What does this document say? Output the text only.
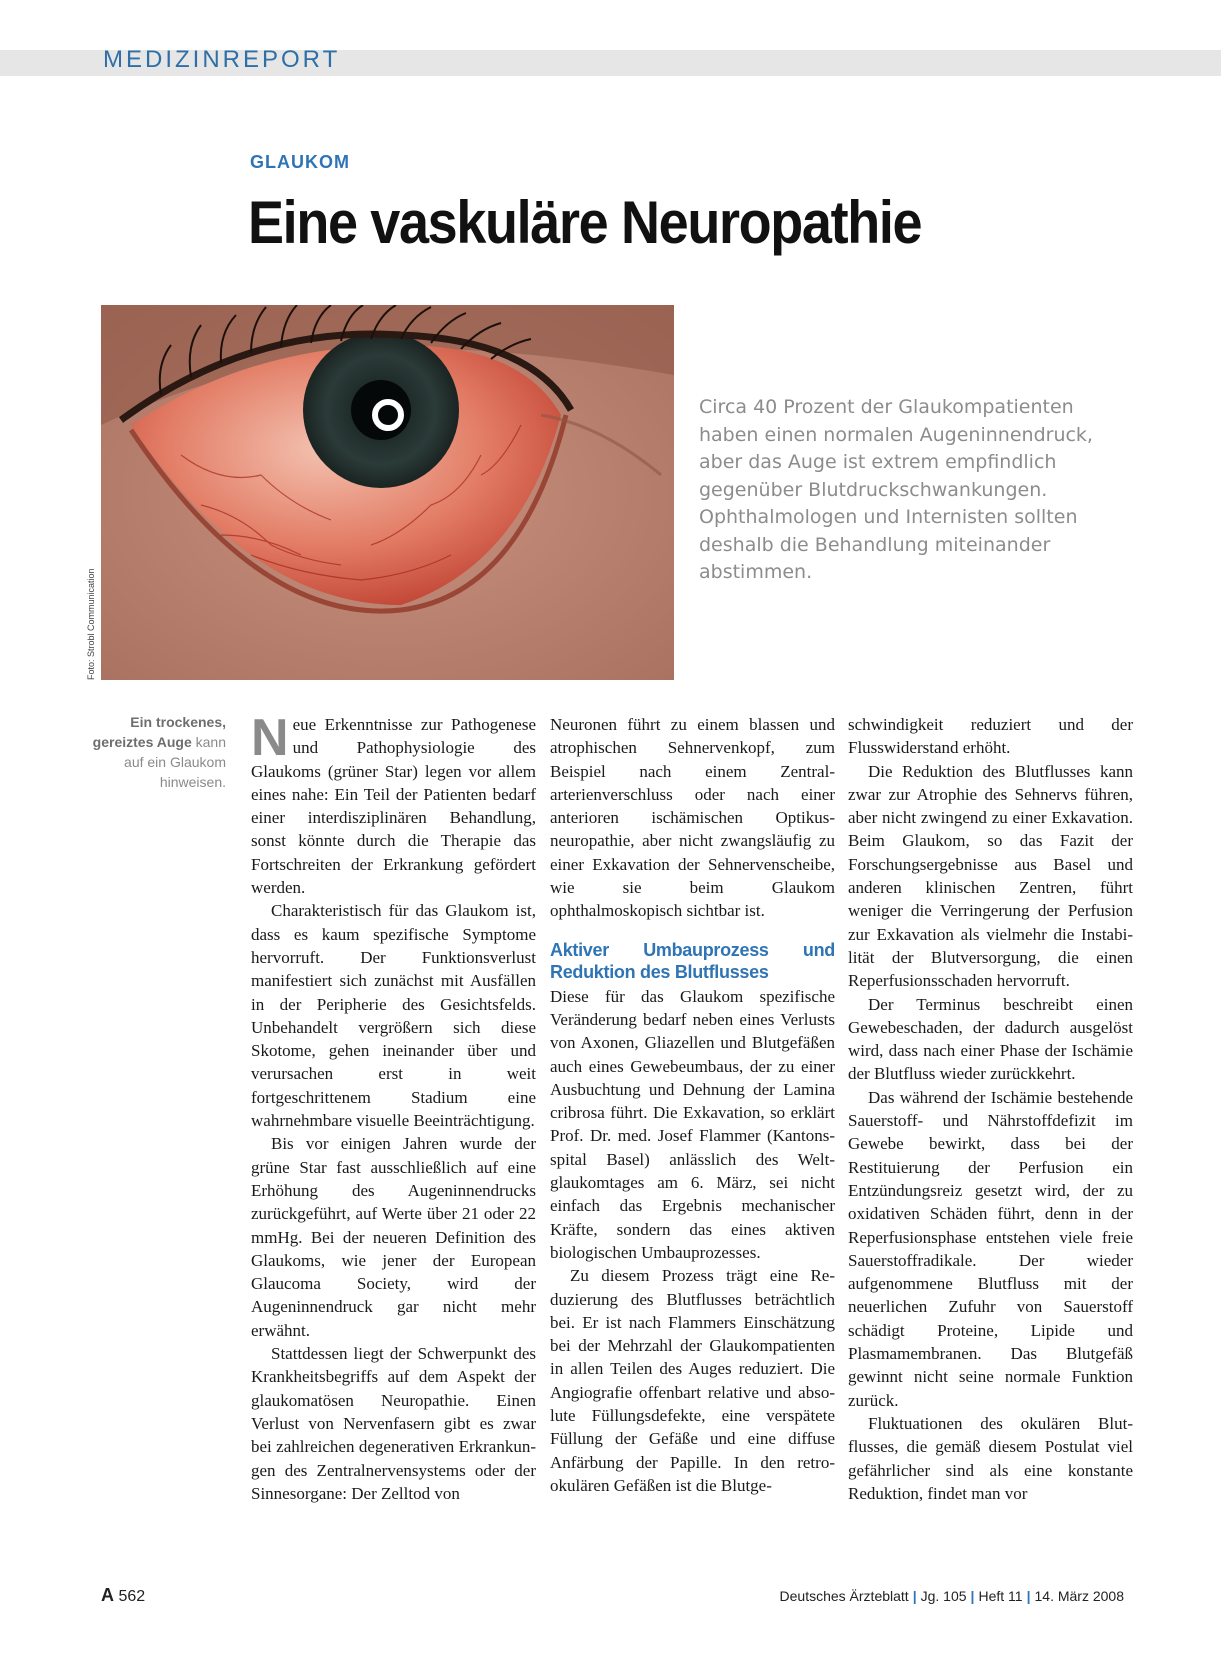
MEDIZINREPORT
GLAUKOM
Eine vaskuläre Neuropathie
Foto: Strobl Communication

Circa 40 Prozent der Glaukompatienten haben einen normalen Augeninnendruck, aber das Auge ist extrem empfindlich gegenüber Blutdruckschwankungen. Ophthalmologen und Internisten sollten deshalb die Behandlung miteinander abstimmen.

Ein trockenes, gereiztes Auge kann auf ein Glaukom hinweisen.

Neue Erkenntnisse zur Pathogenese und Pathophysiologie des Glaukoms (grüner Star) legen vor allem eines nahe: Ein Teil der Patienten bedarf einer interdisziplinären Behandlung, sonst könnte durch die Therapie das Fortschreiten der Erkrankung gefördert werden.

Charakteristisch für das Glaukom ist, dass es kaum spezifische Symptome hervorruft. Der Funktionsverlust manifestiert sich zunächst mit Ausfällen in der Peripherie des Gesichtsfelds. Unbehandelt vergrößern sich diese Skotome, gehen ineinander über und verursachen erst in weit fortgeschrittenem Stadium eine wahrnehmbare visuelle Beeinträchtigung.

Bis vor einigen Jahren wurde der grüne Star fast ausschließlich auf eine Erhöhung des Augeninnendrucks zurückgeführt, auf Werte über 21 oder 22 mmHg. Bei der neueren Definition des Glaukoms, wie jener der European Glaucoma Society, wird der Augeninnendruck gar nicht mehr erwähnt.

Stattdessen liegt der Schwerpunkt des Krankheitsbegriffs auf dem Aspekt der glaukomatösen Neuropathie. Einen Verlust von Nervenfasern gibt es zwar bei zahlreichen degenerativen Erkrankungen des Zentralnervensystems oder der Sinnesorgane: Der Zelltod von

Neuronen führt zu einem blassen und atrophischen Sehnervenkopf, zum Beispiel nach einem Zentralarterienverschluss oder nach einer anterioren ischämischen Optikusneuropathie, aber nicht zwangsläufig zu einer Exkavation der Sehnervenscheibe, wie sie beim Glaukom ophthalmoskopisch sichtbar ist.

Aktiver Umbauprozess und Reduktion des Blutflusses

Diese für das Glaukom spezifische Veränderung bedarf neben eines Verlusts von Axonen, Gliazellen und Blutgefäßen auch eines Gewebeumbaus, der zu einer Ausbuchtung und Dehnung der Lamina cribrosa führt. Die Exkavation, so erklärt Prof. Dr. med. Josef Flammer (Kantonsspital Basel) anlässlich des Weltglaukomtages am 6. März, sei nicht einfach das Ergebnis mechanischer Kräfte, sondern das eines aktiven biologischen Umbauprozesses.

Zu diesem Prozess trägt eine Reduzierung des Blutflusses beträchtlich bei. Er ist nach Flammers Einschätzung bei der Mehrzahl der Glaukompatienten in allen Teilen des Auges reduziert. Die Angiografie offenbart relative und absolute Füllungsdefekte, eine verspätete Füllung der Gefäße und eine diffuse Anfärbung der Papille. In den retrookulären Gefäßen ist die Blutge-

schwindigkeit reduziert und der Flusswiderstand erhöht.

Die Reduktion des Blutflusses kann zwar zur Atrophie des Sehnervs führen, aber nicht zwingend zu einer Exkavation. Beim Glaukom, so das Fazit der Forschungsergebnisse aus Basel und anderen klinischen Zentren, führt weniger die Verringerung der Perfusion zur Exkavation als vielmehr die Instabilität der Blutversorgung, die einen Reperfusionsschaden hervorruft.

Der Terminus beschreibt einen Gewebeschaden, der dadurch ausgelöst wird, dass nach einer Phase der Ischämie der Blutfluss wieder zurückkehrt.

Das während der Ischämie bestehende Sauerstoff- und Nährstoffdefizit im Gewebe bewirkt, dass bei der Restituierung der Perfusion ein Entzündungsreiz gesetzt wird, der zu oxidativen Schäden führt, denn in der Reperfusionsphase entstehen viele freie Sauerstoffradikale. Der wieder aufgenommene Blutfluss mit der neuerlichen Zufuhr von Sauerstoff schädigt Proteine, Lipide und Plasmamembranen. Das Blutgefäß gewinnt nicht seine normale Funktion zurück.

Fluktuationen des okulären Blutflusses, die gemäß diesem Postulat viel gefährlicher sind als eine konstante Reduktion, findet man vor

A 562	Deutsches Ärzteblatt | Jg. 105 | Heft 11 | 14. März 2008
